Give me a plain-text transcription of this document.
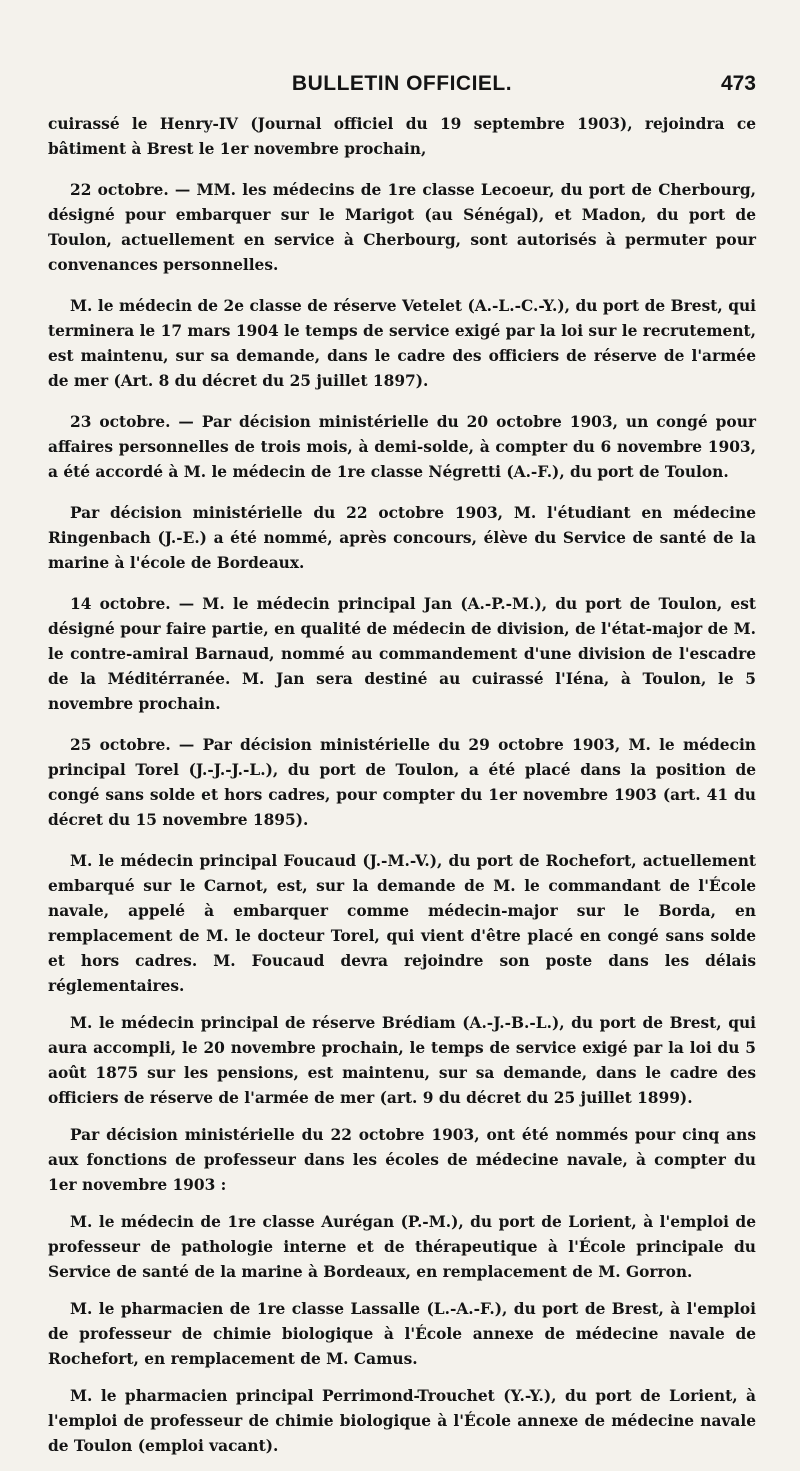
BULLETIN OFFICIEL.	473

cuirassé le Henry-IV (Journal officiel du 19 septembre 1903), rejoindra ce bâtiment à Brest le 1er novembre prochain,

22 octobre. — MM. les médecins de 1re classe Lecoeur, du port de Cherbourg, désigné pour embarquer sur le Marigot (au Sénégal), et Madon, du port de Toulon, actuellement en service à Cherbourg, sont autorisés à permuter pour convenances personnelles.

M. le médecin de 2e classe de réserve Vetelet (A.-L.-C.-Y.), du port de Brest, qui terminera le 17 mars 1904 le temps de service exigé par la loi sur le recrutement, est maintenu, sur sa demande, dans le cadre des officiers de réserve de l'armée de mer (Art. 8 du décret du 25 juillet 1897).

23 octobre. — Par décision ministérielle du 20 octobre 1903, un congé pour affaires personnelles de trois mois, à demi-solde, à compter du 6 novembre 1903, a été accordé à M. le médecin de 1re classe Négretti (A.-F.), du port de Toulon.

Par décision ministérielle du 22 octobre 1903, M. l'étudiant en médecine Ringenbach (J.-E.) a été nommé, après concours, élève du Service de santé de la marine à l'école de Bordeaux.

14 octobre. — M. le médecin principal Jan (A.-P.-M.), du port de Toulon, est désigné pour faire partie, en qualité de médecin de division, de l'état-major de M. le contre-amiral Barnaud, nommé au commandement d'une division de l'escadre de la Méditérranée. M. Jan sera destiné au cuirassé l'Iéna, à Toulon, le 5 novembre prochain.

25 octobre. — Par décision ministérielle du 29 octobre 1903, M. le médecin principal Torel (J.-J.-J.-L.), du port de Toulon, a été placé dans la position de congé sans solde et hors cadres, pour compter du 1er novembre 1903 (art. 41 du décret du 15 novembre 1895).

M. le médecin principal Foucaud (J.-M.-V.), du port de Rochefort, actuellement embarqué sur le Carnot, est, sur la demande de M. le commandant de l'École navale, appelé à embarquer comme médecin-major sur le Borda, en remplacement de M. le docteur Torel, qui vient d'être placé en congé sans solde et hors cadres. M. Foucaud devra rejoindre son poste dans les délais réglementaires.

M. le médecin principal de réserve Brédiam (A.-J.-B.-L.), du port de Brest, qui aura accompli, le 20 novembre prochain, le temps de service exigé par la loi du 5 août 1875 sur les pensions, est maintenu, sur sa demande, dans le cadre des officiers de réserve de l'armée de mer (art. 9 du décret du 25 juillet 1899).

Par décision ministérielle du 22 octobre 1903, ont été nommés pour cinq ans aux fonctions de professeur dans les écoles de médecine navale, à compter du 1er novembre 1903 :

M. le médecin de 1re classe Aurégan (P.-M.), du port de Lorient, à l'emploi de professeur de pathologie interne et de thérapeutique à l'École principale du Service de santé de la marine à Bordeaux, en remplacement de M. Gorron.

M. le pharmacien de 1re classe Lassalle (L.-A.-F.), du port de Brest, à l'emploi de professeur de chimie biologique à l'École annexe de médecine navale de Rochefort, en remplacement de M. Camus.

M. le pharmacien principal Perrimond-Trouchet (Y.-Y.), du port de Lorient, à l'emploi de professeur de chimie biologique à l'École annexe de médecine navale de Toulon (emploi vacant).
